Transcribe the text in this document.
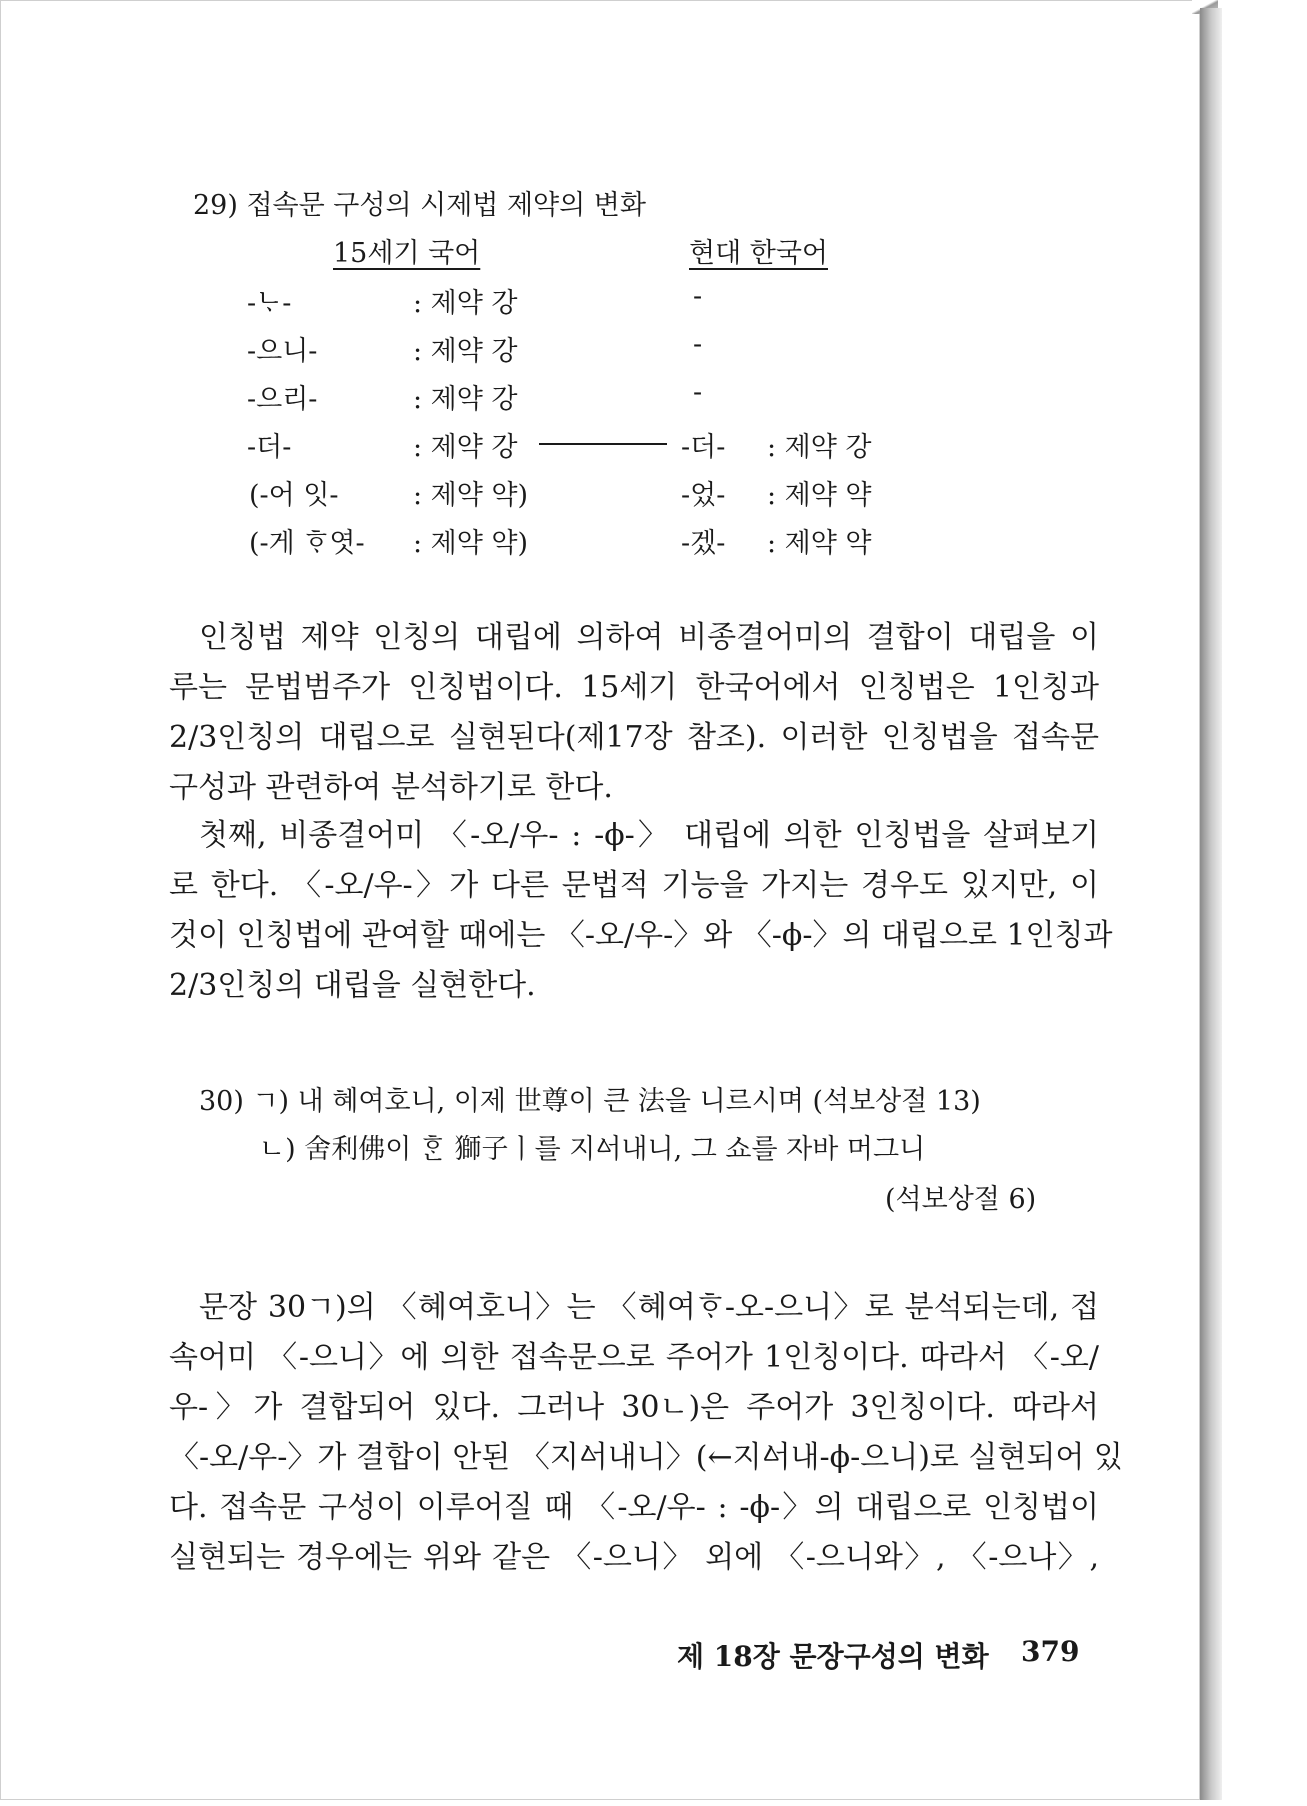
29) 접속문 구성의 시제법 제약의 변화
15세기 국어	현대 한국어
-ᄂᆞ-	: 제약 강	-
-으니-	: 제약 강	-
-으리-	: 제약 강	-
-더-	: 제약 강	-더- : 제약 강
(-어 잇-	: 제약 약)	-었- : 제약 약
(-게 ᄒᆞ엿- : 제약 약)	-겠- : 제약 약
인칭법 제약 인칭의 대립에 의하여 비종결어미의 결합이 대립을 이
루는 문법범주가 인칭법이다. 15세기 한국어에서 인칭법은 1인칭과
2/3인칭의 대립으로 실현된다(제17장 참조). 이러한 인칭법을 접속문
구성과 관련하여 분석하기로 한다.
첫째, 비종결어미 〈-오/우- : -ϕ-〉 대립에 의한 인칭법을 살펴보기
로 한다. 〈-오/우-〉가 다른 문법적 기능을 가지는 경우도 있지만, 이
것이 인칭법에 관여할 때에는 〈-오/우-〉와 〈-ϕ-〉의 대립으로 1인칭과
2/3인칭의 대립을 실현한다.
30) ㄱ) 내 혜여호니, 이제 世尊이 큰 法을 니르시며 (석보상절 13)
ㄴ) 舍利佛이 ᄒᆞᆫ 獅子ㅣ를 지ᅀᅥ내니, 그 쇼를 자바 머그니
(석보상절 6)
문장 30ㄱ)의 〈혜여호니〉는 〈혜여ᄒᆞ-오-으니〉로 분석되는데, 접
속어미 〈-으니〉에 의한 접속문으로 주어가 1인칭이다. 따라서 〈-오/
우-〉가 결합되어 있다. 그러나 30ㄴ)은 주어가 3인칭이다. 따라서
〈-오/우-〉가 결합이 안된 〈지ᅀᅥ내니〉(←지ᅀᅥ내-ϕ-으니)로 실현되어 있
다. 접속문 구성이 이루어질 때 〈-오/우- : -ϕ-〉의 대립으로 인칭법이
실현되는 경우에는 위와 같은 〈-으니〉 외에 〈-으니와〉, 〈-으나〉,
제 18장 문장구성의 변화 379
